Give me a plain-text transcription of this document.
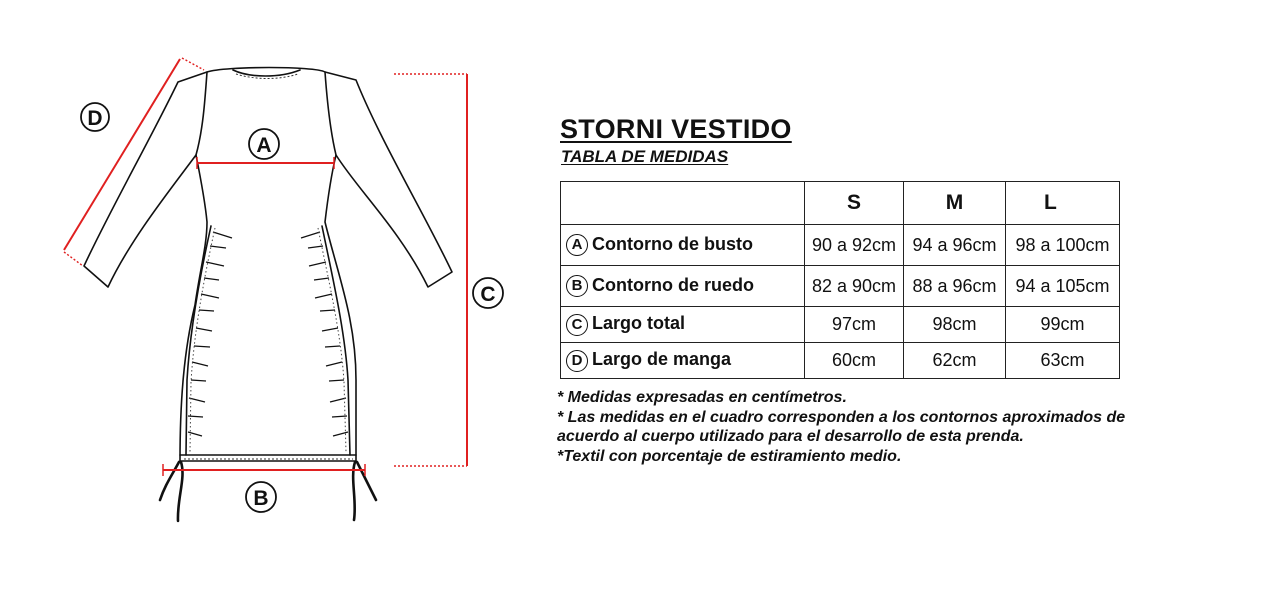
A
B
C
D	STORNI VESTIDO
TABLA DE MEDIDAS
	S	M	L
A Contorno de busto	90 a 92cm	94 a 96cm	98 a 100cm
B Contorno de ruedo	82 a 90cm	88 a 96cm	94 a 105cm
C Largo total	97cm	98cm	99cm
D Largo de manga	60cm	62cm	63cm

* Medidas expresadas en centímetros.

* Las medidas en el cuadro corresponden a los contornos aproximados de acuerdo al cuerpo utilizado para el desarrollo de esta prenda.

*Textil con porcentaje de estiramiento medio.
